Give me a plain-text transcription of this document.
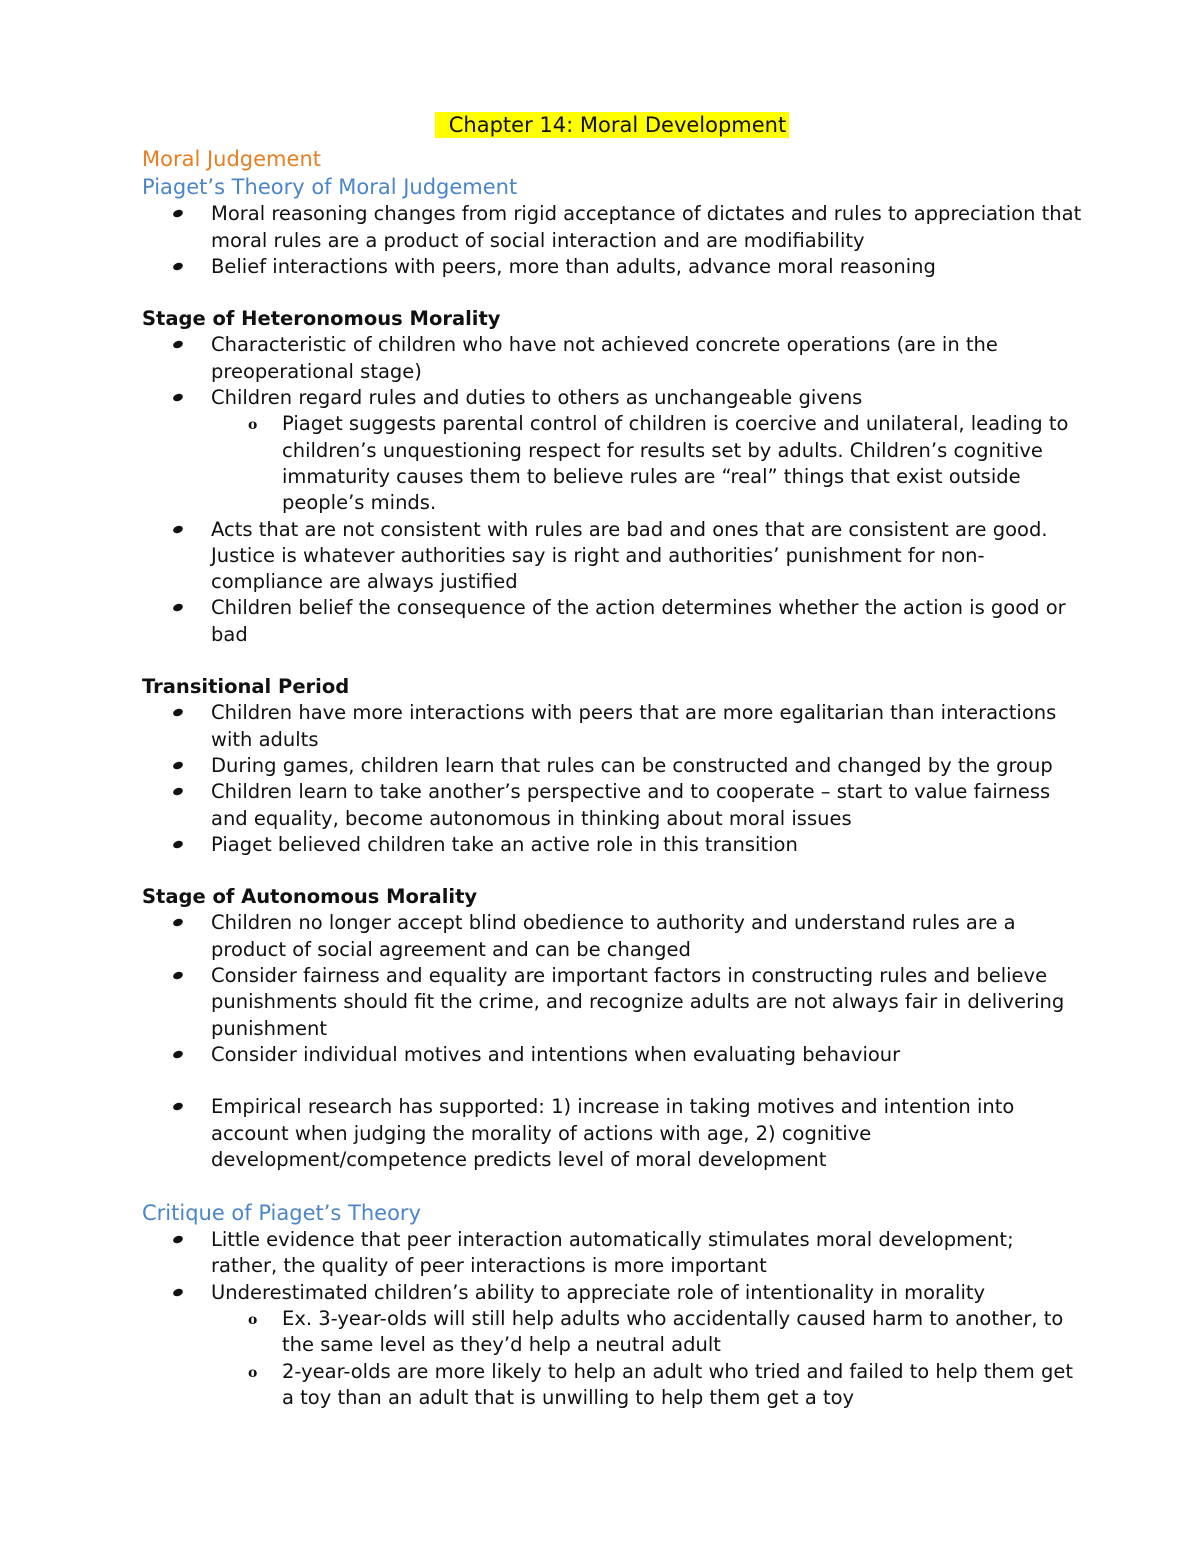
Chapter 14: Moral Development
Moral Judgement
Piaget’s Theory of Moral Judgement
Moral reasoning changes from rigid acceptance of dictates and rules to appreciation that moral rules are a product of social interaction and are modifiability
Belief interactions with peers, more than adults, advance moral reasoning
Stage of Heteronomous Morality
Characteristic of children who have not achieved concrete operations (are in the preoperational stage)
Children regard rules and duties to others as unchangeable givens
o Piaget suggests parental control of children is coercive and unilateral, leading to children’s unquestioning respect for results set by adults. Children’s cognitive immaturity causes them to believe rules are “real” things that exist outside people’s minds.
Acts that are not consistent with rules are bad and ones that are consistent are good. Justice is whatever authorities say is right and authorities’ punishment for non-compliance are always justified
Children belief the consequence of the action determines whether the action is good or bad
Transitional Period
Children have more interactions with peers that are more egalitarian than interactions with adults
During games, children learn that rules can be constructed and changed by the group
Children learn to take another’s perspective and to cooperate – start to value fairness and equality, become autonomous in thinking about moral issues
Piaget believed children take an active role in this transition
Stage of Autonomous Morality
Children no longer accept blind obedience to authority and understand rules are a product of social agreement and can be changed
Consider fairness and equality are important factors in constructing rules and believe punishments should fit the crime, and recognize adults are not always fair in delivering punishment
Consider individual motives and intentions when evaluating behaviour
Empirical research has supported: 1) increase in taking motives and intention into account when judging the morality of actions with age, 2) cognitive development/competence predicts level of moral development
Critique of Piaget’s Theory
Little evidence that peer interaction automatically stimulates moral development; rather, the quality of peer interactions is more important
Underestimated children’s ability to appreciate role of intentionality in morality
o Ex. 3-year-olds will still help adults who accidentally caused harm to another, to the same level as they’d help a neutral adult
o 2-year-olds are more likely to help an adult who tried and failed to help them get a toy than an adult that is unwilling to help them get a toy
